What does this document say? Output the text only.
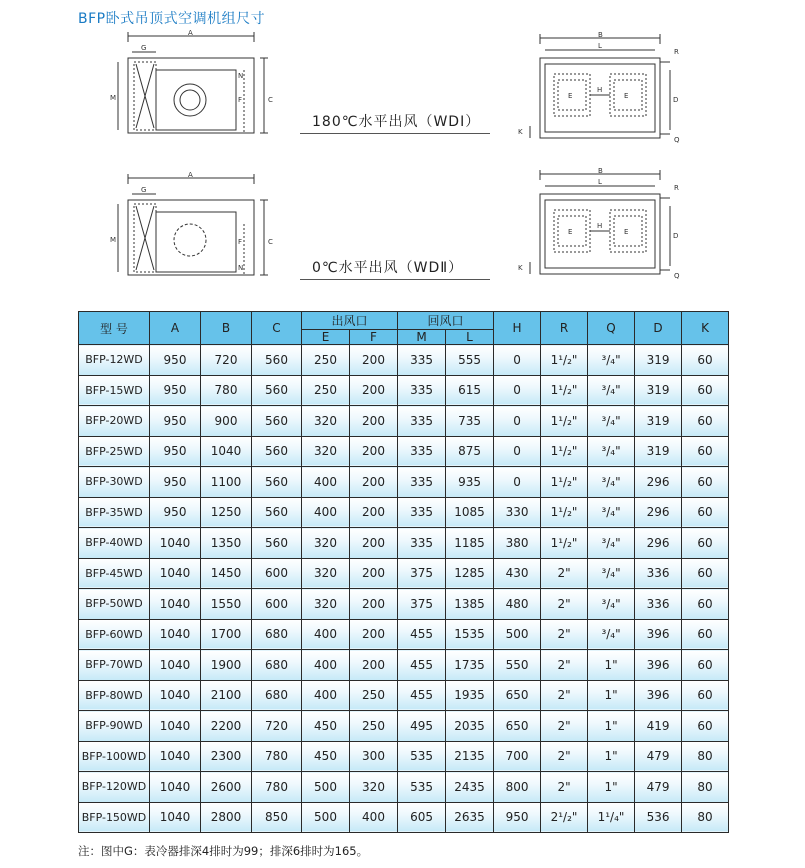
BFP卧式吊顶式空调机组尺寸
A
G
M
N
F	C
B
L
R
E
H
E	D
K
Q
180℃水平出风（WDⅠ）
A
G
M	F
N
C
B
L
R
E
H
E	D
K
Q
0℃水平出风（WDⅡ）
型 号	A	B	C	出风口		回风口		H	R	Q	D	K
				E	F	M	L					
BFP-12WD	950	720	560	250	200	335	555	0	1¹/₂"	³/₄"	319	60
BFP-15WD	950	780	560	250	200	335	615	0	1¹/₂"	³/₄"	319	60
BFP-20WD	950	900	560	320	200	335	735	0	1¹/₂"	³/₄"	319	60
BFP-25WD	950	1040	560	320	200	335	875	0	1¹/₂"	³/₄"	319	60
BFP-30WD	950	1100	560	400	200	335	935	0	1¹/₂"	³/₄"	296	60
BFP-35WD	950	1250	560	400	200	335	1085	330	1¹/₂"	³/₄"	296	60
BFP-40WD	1040	1350	560	320	200	335	1185	380	1¹/₂"	³/₄"	296	60
BFP-45WD	1040	1450	600	320	200	375	1285	430	2"	³/₄"	336	60
BFP-50WD	1040	1550	600	320	200	375	1385	480	2"	³/₄"	336	60
BFP-60WD	1040	1700	680	400	200	455	1535	500	2"	³/₄"	396	60
BFP-70WD	1040	1900	680	400	200	455	1735	550	2"	1"	396	60
BFP-80WD	1040	2100	680	400	250	455	1935	650	2"	1"	396	60
BFP-90WD	1040	2200	720	450	250	495	2035	650	2"	1"	419	60
BFP-100WD	1040	2300	780	450	300	535	2135	700	2"	1"	479	80
BFP-120WD	1040	2600	780	500	320	535	2435	800	2"	1"	479	80
BFP-150WD	1040	2800	850	500	400	605	2635	950	2¹/₂"	1¹/₄"	536	80
注：图中G：表冷器排深4排时为99；排深6排时为165。
